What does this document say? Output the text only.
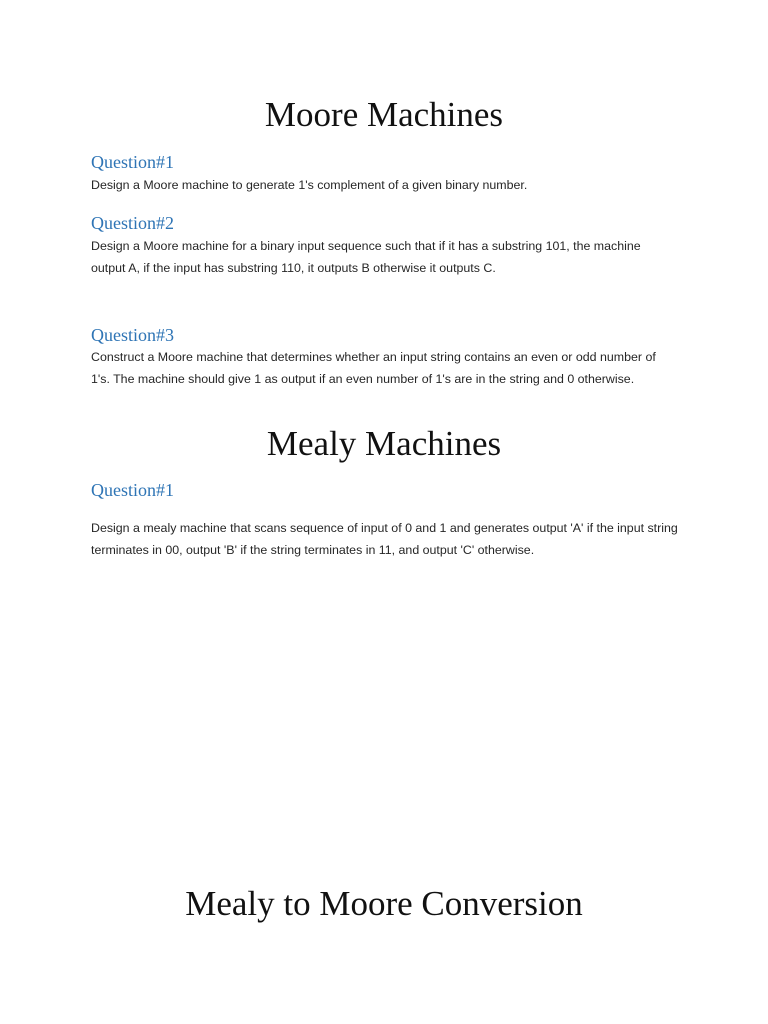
Moore Machines
Question#1

Design a Moore machine to generate 1's complement of a given binary number.

Question#2

Design a Moore machine for a binary input sequence such that if it has a substring 101, the machine output A, if the input has substring 110, it outputs B otherwise it outputs C.

Question#3

Construct a Moore machine that determines whether an input string contains an even or odd number of 1's. The machine should give 1 as output if an even number of 1's are in the string and 0 otherwise.

Mealy Machines
Question#1

Design a mealy machine that scans sequence of input of 0 and 1 and generates output 'A' if the input string terminates in 00, output 'B' if the string terminates in 11, and output 'C' otherwise.

Mealy to Moore Conversion
